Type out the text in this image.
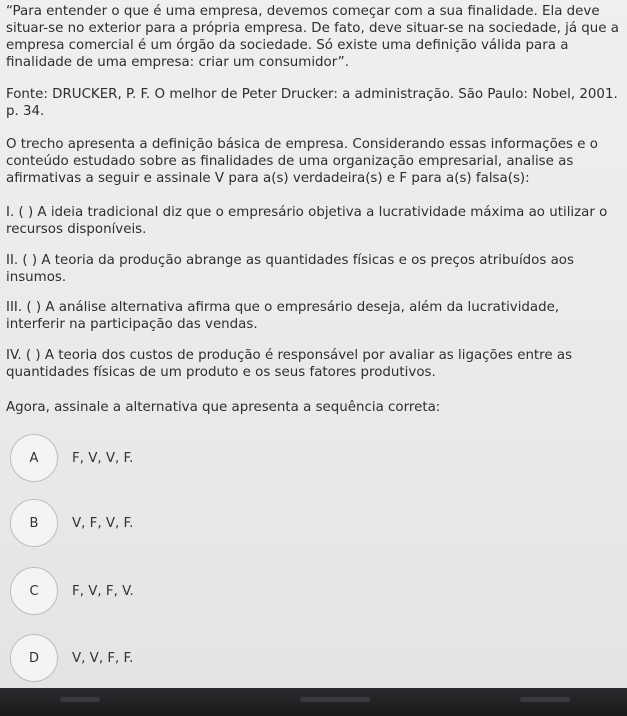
“Para entender o que é uma empresa, devemos começar com a sua finalidade. Ela deve situar-se no exterior para a própria empresa. De fato, deve situar-se na sociedade, já que a empresa comercial é um órgão da sociedade. Só existe uma definição válida para a finalidade de uma empresa: criar um consumidor”.

Fonte: DRUCKER, P. F. O melhor de Peter Drucker: a administração. São Paulo: Nobel, 2001. p. 34.

O trecho apresenta a definição básica de empresa. Considerando essas informações e o conteúdo estudado sobre as finalidades de uma organização empresarial, analise as afirmativas a seguir e assinale V para a(s) verdadeira(s) e F para a(s) falsa(s):

I. ( ) A ideia tradicional diz que o empresário objetiva a lucratividade máxima ao utilizar o recursos disponíveis.

II. ( ) A teoria da produção abrange as quantidades físicas e os preços atribuídos aos insumos.

III. ( ) A análise alternativa afirma que o empresário deseja, além da lucratividade, interferir na participação das vendas.

IV. ( ) A teoria dos custos de produção é responsável por avaliar as ligações entre as quantidades físicas de um produto e os seus fatores produtivos.

Agora, assinale a alternativa que apresenta a sequência correta:

A	F, V, V, F.
B	V, F, V, F.
C F, V, F, V.
D V, V, F, F.
